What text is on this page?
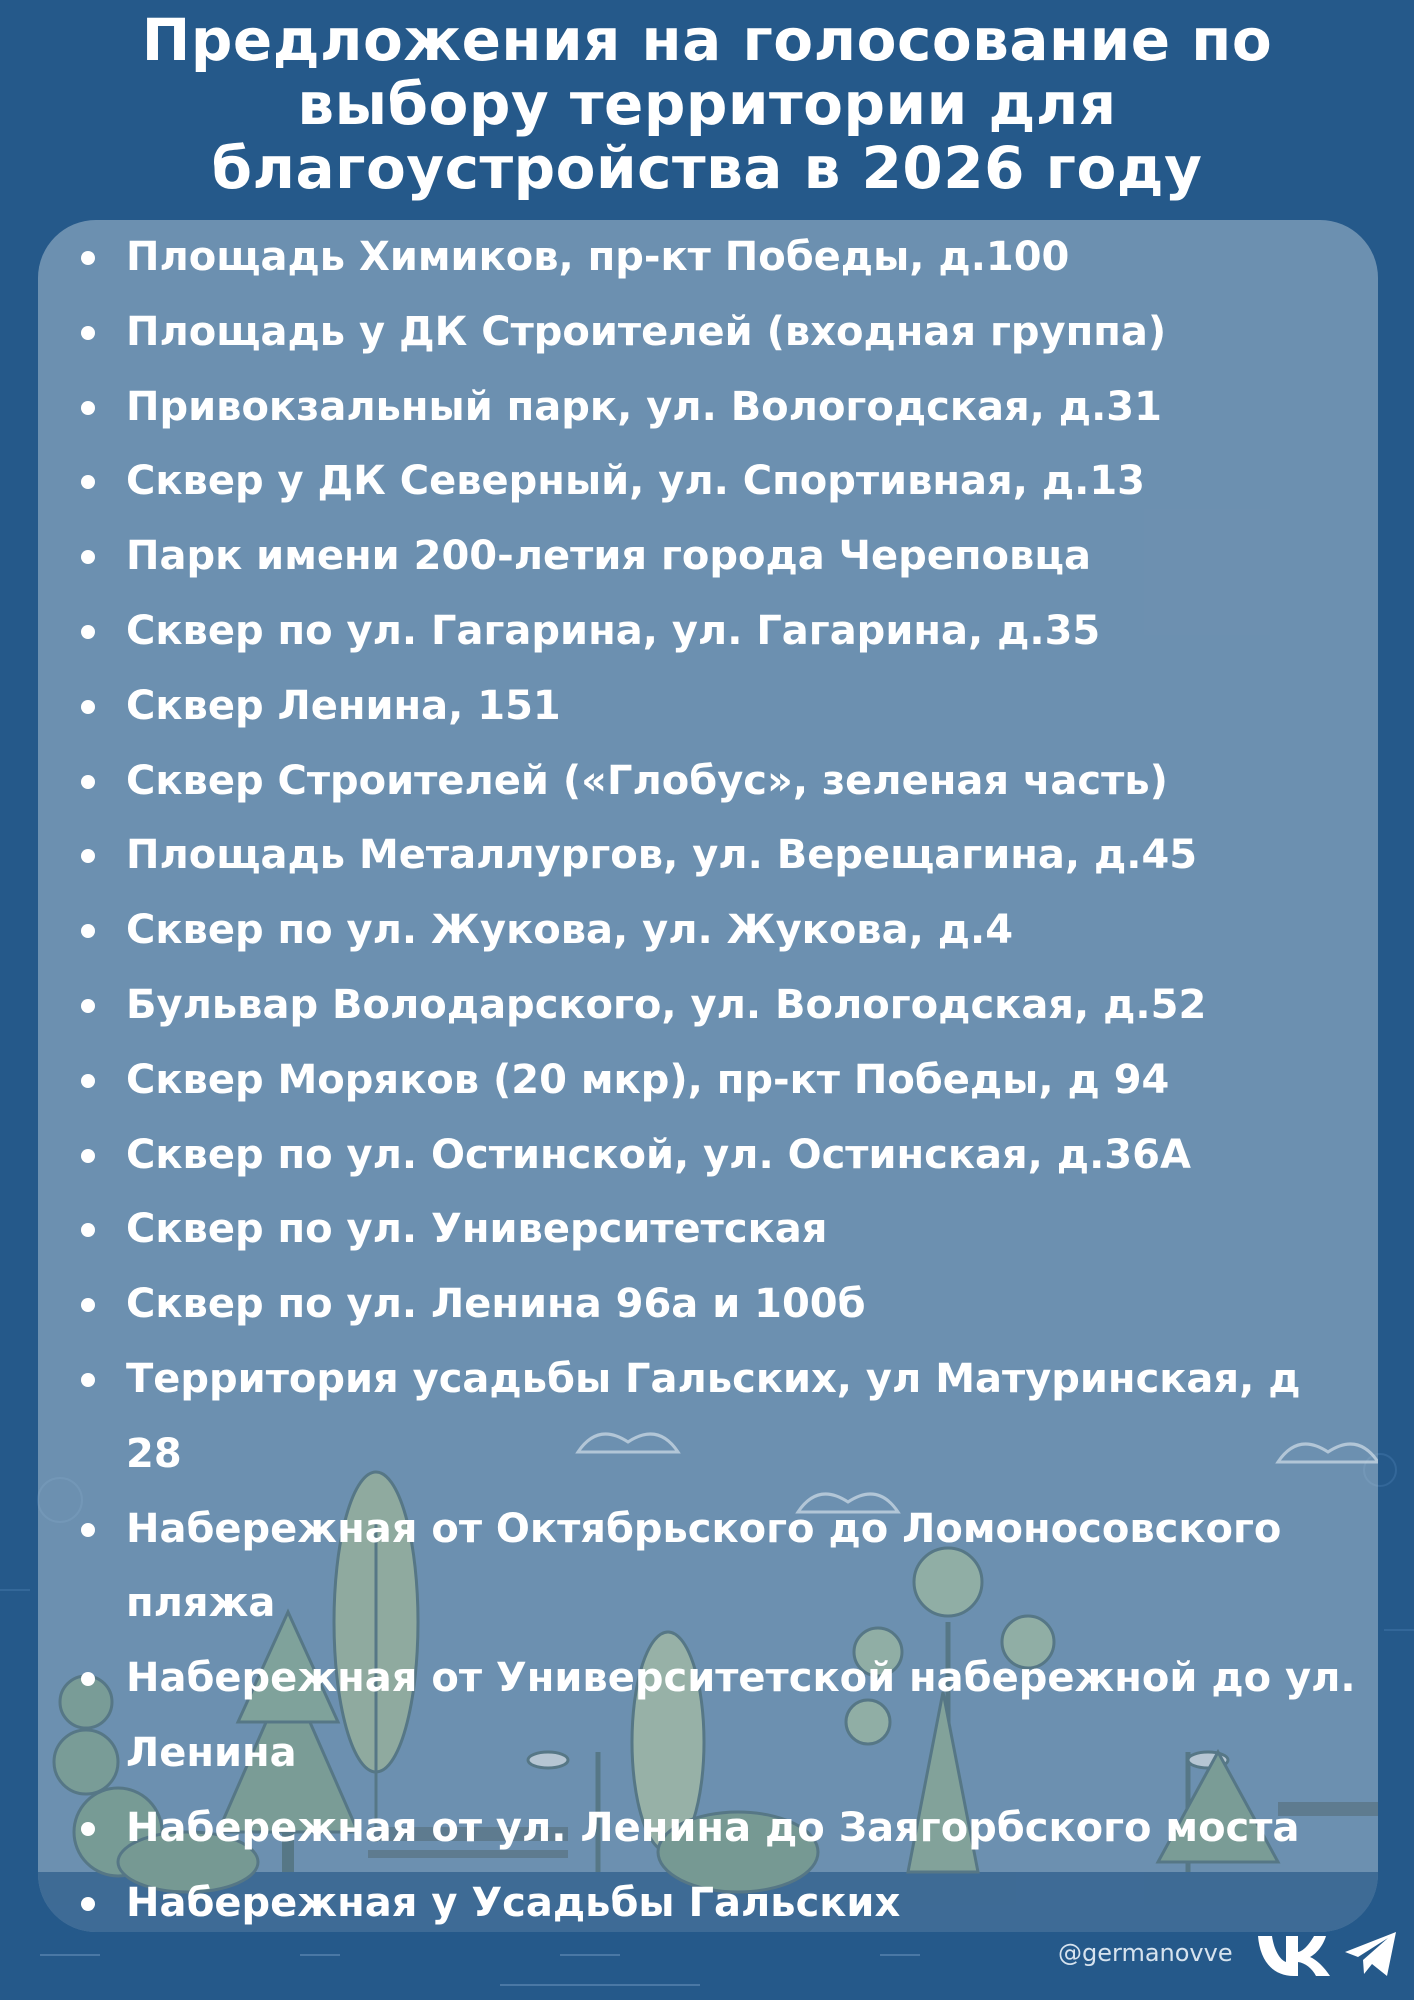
Предложения на голосование по
выбору территории для
благоустройства в 2026 году
Площадь Химиков, пр-кт Победы, д.100
Площадь у ДК Строителей (входная группа)
Привокзальный парк, ул. Вологодская, д.31
Сквер у ДК Северный, ул. Спортивная, д.13
Парк имени 200-летия города Череповца
Сквер по ул. Гагарина, ул. Гагарина, д.35
Сквер Ленина, 151
Сквер Строителей («Глобус», зеленая часть)
Площадь Металлургов, ул. Верещагина, д.45
Сквер по ул. Жукова, ул. Жукова, д.4
Бульвар Володарского, ул. Вологодская, д.52
Сквер Моряков (20 мкр), пр-кт Победы, д 94
Сквер по ул. Остинской, ул. Остинская, д.36А
Сквер по ул. Университетская
Сквер по ул. Ленина 96а и 100б
Территория усадьбы Гальских, ул Матуринская, д 28
Набережная от Октябрьского до Ломоносовского пляжа
Набережная от Университетской набережной до ул. Ленина
Набережная от ул. Ленина до Заягорбского моста
Набережная у Усадьбы Гальских
@germanovve
